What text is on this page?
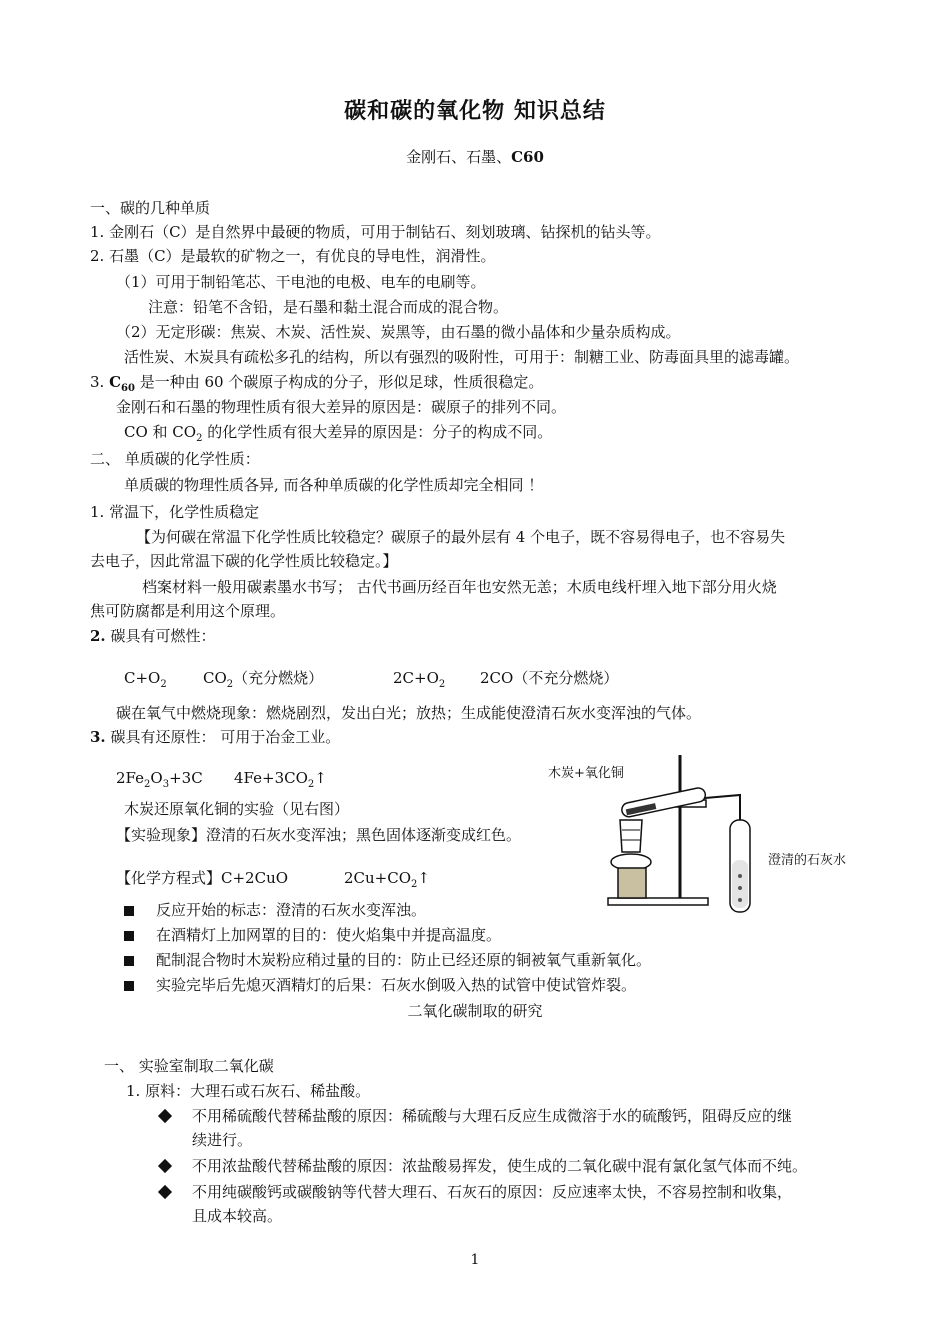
碳和碳的氧化物 知识总结
金刚石、石墨、C60
一、碳的几种单质
1. 金刚石（C）是自然界中最硬的物质，可用于制钻石、刻划玻璃、钻探机的钻头等。
2. 石墨（C）是最软的矿物之一，有优良的导电性，润滑性。
（1）可用于制铅笔芯、干电池的电极、电车的电刷等。
注意：铅笔不含铅，是石墨和黏土混合而成的混合物。
（2）无定形碳：焦炭、木炭、活性炭、炭黑等，由石墨的微小晶体和少量杂质构成。
活性炭、木炭具有疏松多孔的结构，所以有强烈的吸附性，可用于：制糖工业、防毒面具里的滤毒罐。
3. $C_{60}$ 是一种由 60 个碳原子构成的分子，形似足球，性质很稳定。
金刚石和石墨的物理性质有很大差异的原因是：碳原子的排列不同。
CO 和 $CO_2$ 的化学性质有很大差异的原因是：分子的构成不同。
二、 单质碳的化学性质：
单质碳的物理性质各异, 而各种单质碳的化学性质却完全相同 ！
1. 常温下，化学性质稳定
【为何碳在常温下化学性质比较稳定？碳原子的最外层有 4 个电子，既不容易得电子，也不容易失
去电子，因此常温下碳的化学性质比较稳定。】
档案材料一般用碳素墨水书写； 古代书画历经百年也安然无恙；木质电线杆埋入地下部分用火烧
焦可防腐都是利用这个原理。
2. 碳具有可燃性：
$C+O_2$ $CO_2$（充分燃烧）	$2C+O_2$ 2CO（不充分燃烧）
碳在氧气中燃烧现象：燃烧剧烈，发出白光；放热；生成能使澄清石灰水变浑浊的气体。
3. 碳具有还原性： 可用于冶金工业。
$2Fe_2O_3+3C$ $4Fe+3CO_2↑$
木炭还原氧化铜的实验（见右图）
【实验现象】澄清的石灰水变浑浊；黑色固体逐渐变成红色。
【化学方程式】C+2CuO	$2Cu+CO_2↑$
反应开始的标志：澄清的石灰水变浑浊。
在酒精灯上加网罩的目的：使火焰集中并提高温度。
配制混合物时木炭粉应稍过量的目的：防止已经还原的铜被氧气重新氧化。
实验完毕后先熄灭酒精灯的后果：石灰水倒吸入热的试管中使试管炸裂。
木炭+氧化铜
澄清的石灰水
二氧化碳制取的研究
一、 实验室制取二氧化碳
1. 原料：大理石或石灰石、稀盐酸。
不用稀硫酸代替稀盐酸的原因：稀硫酸与大理石反应生成微溶于水的硫酸钙，阻碍反应的继
续进行。
不用浓盐酸代替稀盐酸的原因：浓盐酸易挥发，使生成的二氧化碳中混有氯化氢气体而不纯。
不用纯碳酸钙或碳酸钠等代替大理石、石灰石的原因：反应速率太快，不容易控制和收集，
且成本较高。
1
